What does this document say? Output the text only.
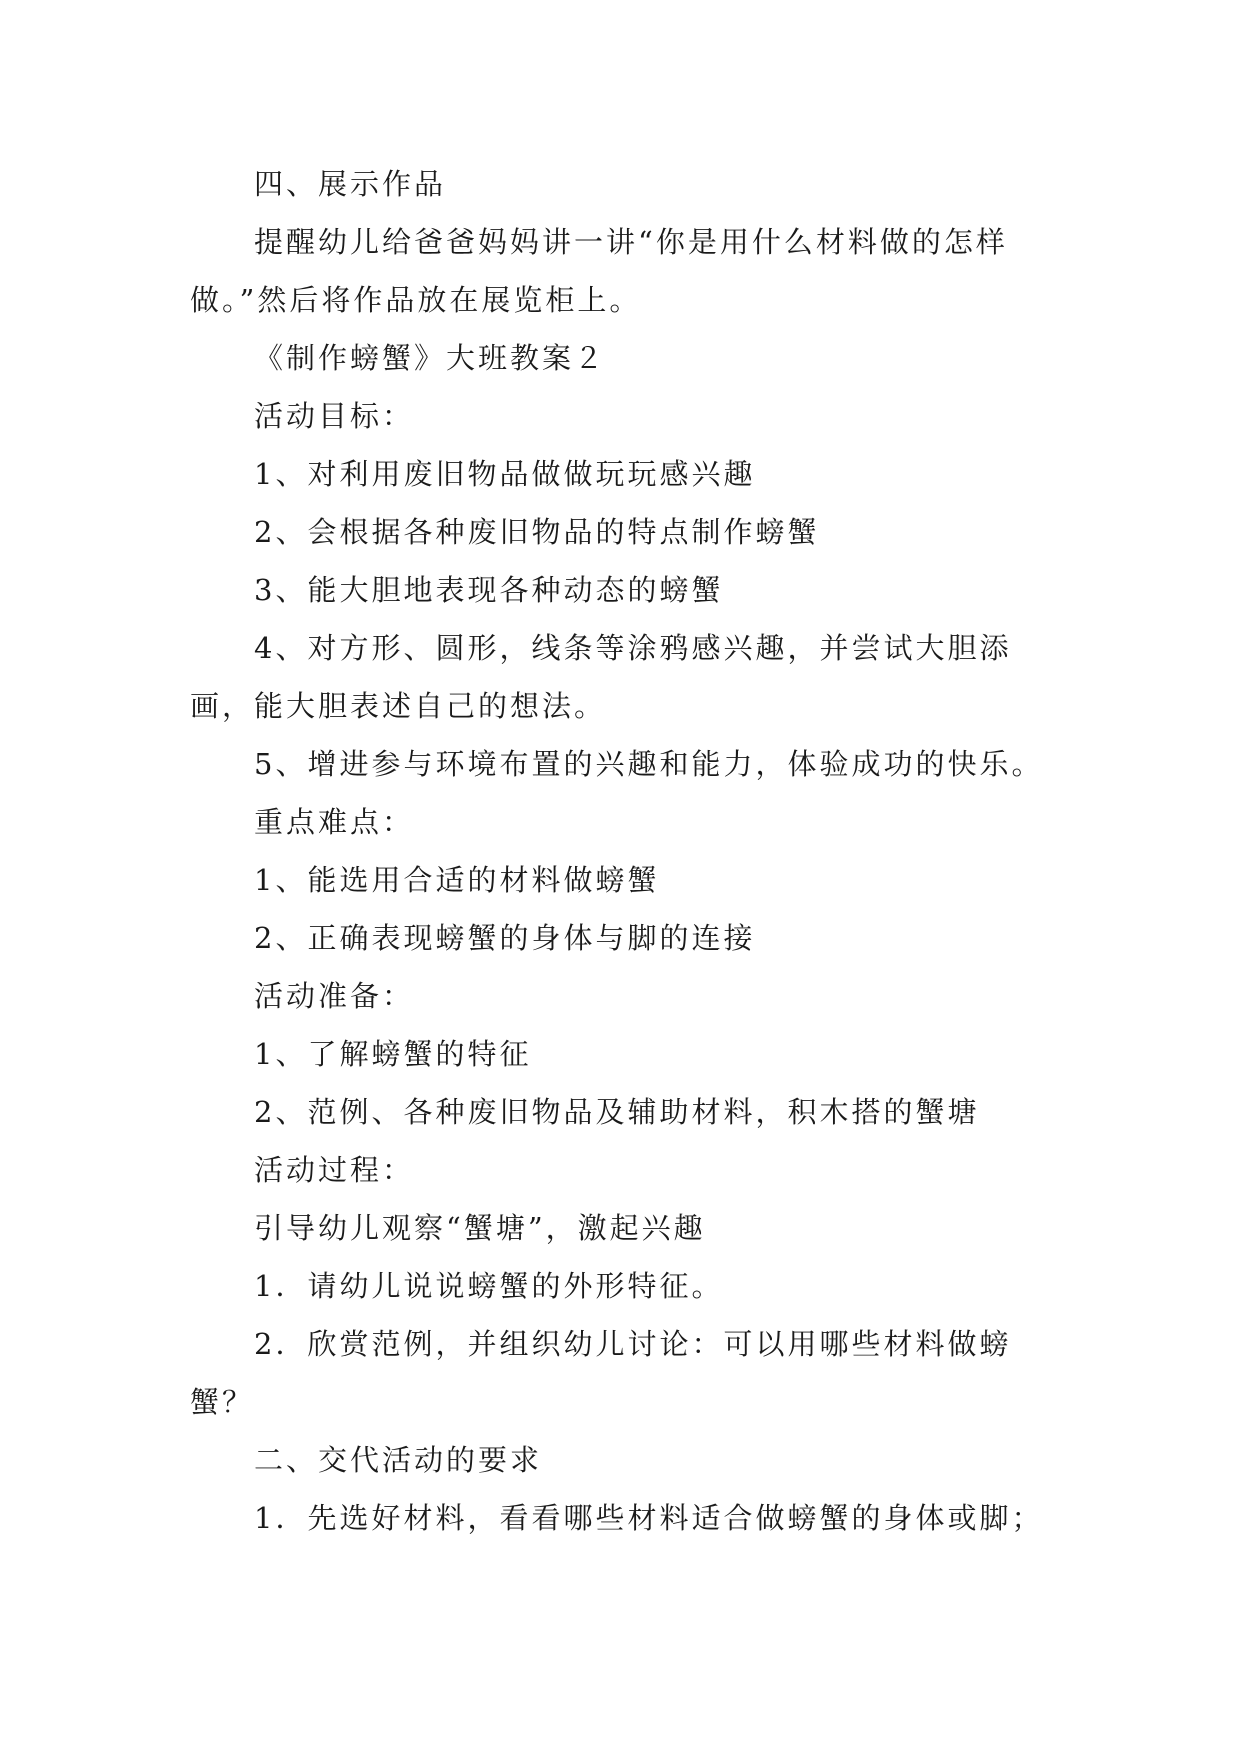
四、展示作品

提醒幼儿给爸爸妈妈讲一讲“你是用什么材料做的怎样

做。”然后将作品放在展览柜上。

《制作螃蟹》大班教案２

活动目标：

1、对利用废旧物品做做玩玩感兴趣

2、会根据各种废旧物品的特点制作螃蟹

3、能大胆地表现各种动态的螃蟹

4、对方形、圆形，线条等涂鸦感兴趣，并尝试大胆添

画，能大胆表述自己的想法。

5、增进参与环境布置的兴趣和能力，体验成功的快乐。

重点难点：

1、能选用合适的材料做螃蟹

2、正确表现螃蟹的身体与脚的连接

活动准备：

1、了解螃蟹的特征

2、范例、各种废旧物品及辅助材料，积木搭的蟹塘

活动过程：

引导幼儿观察“蟹塘”，激起兴趣

1．请幼儿说说螃蟹的外形特征。

2．欣赏范例，并组织幼儿讨论：可以用哪些材料做螃

蟹？

二、交代活动的要求

1．先选好材料，看看哪些材料适合做螃蟹的身体或脚；
